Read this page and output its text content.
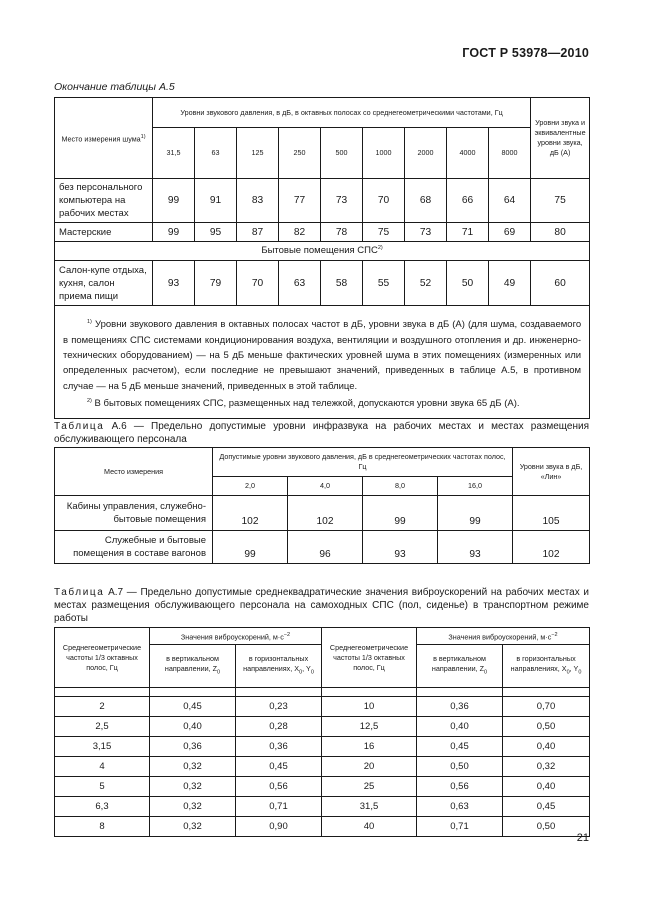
ГОСТ Р 53978—2010
Окончание таблицы А.5
Место измерения шума$^{1)}$	Уровни звукового давления, в дБ, в октавных полосах со среднегеометрическими частотами, Гц									Уровни звука и эквивалентные уровни звука, дБ (А)
	31,5	63	125	250	500	1000	2000	4000	8000	
без персонального компьютера на рабочих местах	99	91	83	77	73	70	68	66	64	75
Мастерские	99	95	87	82	78	75	73	71	69	80
Бытовые помещения СПС$^{2)}$
Салон-купе отдыха, кухня, салон приема пищи	93	79	70	63	58	55	52	50	49	60

$^{1)}$ Уровни звукового давления в октавных полосах частот в дБ, уровни звука в дБ (А) (для шума, создаваемого в помещениях СПС системами кондиционирования воздуха, вентиляции и воздушного отопления и др. инженерно-технических оборудованием) — на 5 дБ меньше фактических уровней шума в этих помещениях (измеренных или определенных расчетом), если последние не превышают значений, приведенных в таблице А.5, в противном случае — на 5 дБ меньше значений, приведенных в этой таблице.

$^{2)}$ В бытовых помещениях СПС, размещенных над тележкой, допускаются уровни звука 65 дБ (А).										

Таблица А.6 — Предельно допустимые уровни инфразвука на рабочих местах и местах размещения обслуживающего персонала
Место измерения	Допустимые уровни звукового давления, дБ в среднегеометрических частотах полос, Гц				Уровни звука в дБ, «Лин»
	2,0	4,0	8,0	16,0	
Кабины управления, служебно-бытовые помещения	102	102	99	99	105
Служебные и бытовые помещения в составе вагонов	99	96	93	93	102
Таблица А.7 — Предельно допустимые среднеквадратические значения виброускорений на рабочих местах и местах размещения обслуживающего персонала на самоходных СПС (пол, сиденье) в транспортном режиме работы
Среднегеометрические частоты 1/3 октавных полос, Гц	Значения виброускорений, $м\cdot с^{-2}$		Среднегеометрические частоты 1/3 октавных полос, Гц	Значения виброускорений, $м\cdot с^{-2}$
	в вертикальном направлении, $Z_0$	в горизонтальных направлениях, $X_0$, $Y_0$		в вертикальном направлении, $Z_0$	в горизонтальных направлениях, $X_0$, $Y_0$

2	0,45	0,23	10	0,36	0,70
2,5	0,40	0,28	12,5	0,40	0,50
3,15	0,36	0,36	16	0,45	0,40
4	0,32	0,45	20	0,50	0,32
5	0,32	0,56	25	0,56	0,40
6,3	0,32	0,71	31,5	0,63	0,45
8	0,32	0,90	40	0,71	0,50
21
